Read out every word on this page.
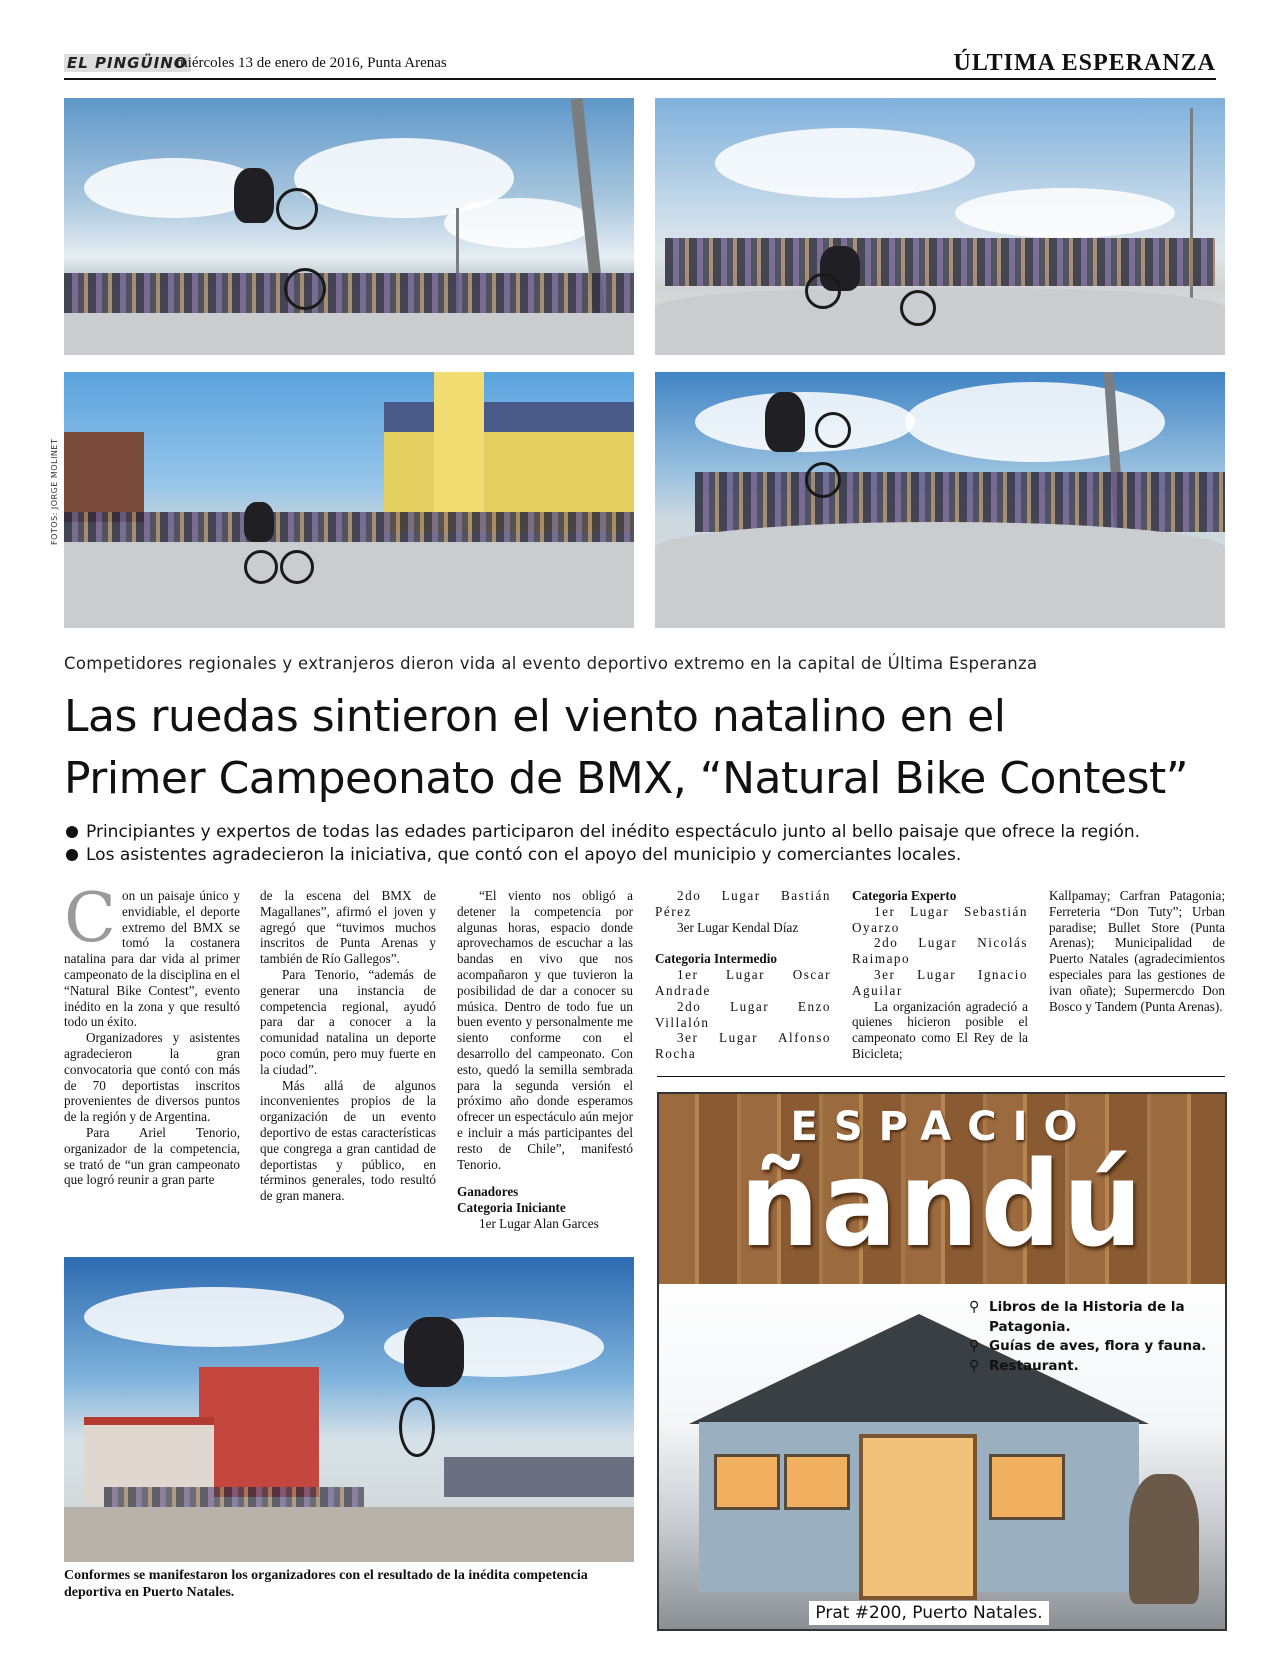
EL PINGÜINO
miércoles 13 de enero de 2016, Punta Arenas	ÚLTIMA ESPERANZA
FOTOS: JORGE MOLINET
Competidores regionales y extranjeros dieron vida al evento deportivo extremo en la capital de Última Esperanza
Las ruedas sintieron el viento natalino en el
Primer Campeonato de BMX, “Natural Bike Contest”
Principiantes y expertos de todas las edades participaron del inédito espectáculo junto al bello paisaje que ofrece la región.
Los asistentes agradecieron la iniciativa, que contó con el apoyo del municipio y comerciantes locales.

Con un paisaje único y envidiable, el deporte extremo del BMX se tomó la costanera natalina para dar vida al primer campeonato de la disciplina en el “Natural Bike Contest”, evento inédito en la zona y que resultó todo un éxito.

Organizadores y asistentes agradecieron la gran convocatoria que contó con más de 70 deportistas inscritos provenientes de diversos puntos de la región y de Argentina.

Para Ariel Tenorio, organizador de la competencia, se trató de “un gran campeonato que logró reunir a gran parte

de la escena del BMX de Magallanes”, afirmó el joven y agregó que “tuvimos muchos inscritos de Punta Arenas y también de Río Gallegos”.

Para Tenorio, “además de generar una instancia de competencia regional, ayudó para dar a conocer a la comunidad natalina un deporte poco común, pero muy fuerte en la ciudad”.

Más allá de algunos inconvenientes propios de la organización de un evento deportivo de estas características que congrega a gran cantidad de deportistas y público, en términos generales, todo resultó de gran manera.

“El viento nos obligó a detener la competencia por algunas horas, espacio donde aprovechamos de escuchar a las bandas en vivo que nos acompañaron y que tuvieron la posibilidad de dar a conocer su música. Dentro de todo fue un buen evento y personalmente me siento conforme con el desarrollo del campeonato. Con esto, quedó la semilla sembrada para la segunda versión el próximo año donde esperamos ofrecer un espectáculo aún mejor e incluir a más participantes del resto de Chile”, manifestó Tenorio.

Ganadores

Categoria Iniciante

1er Lugar Alan Garces

2do Lugar Bastián Pérez

3er Lugar Kendal Díaz

Categoria Intermedio

1er Lugar Oscar Andrade

2do Lugar Enzo Villalón

3er Lugar Alfonso Rocha

Categoria Experto

1er Lugar Sebastián Oyarzo

2do Lugar Nicolás Raimapo

3er Lugar Ignacio Aguilar

La organización agradeció a quienes hicieron posible el campeonato como El Rey de la Bicicleta;

Kallpamay; Carfran Patagonia; Ferreteria “Don Tuty”; Urban paradise; Bullet Store (Punta Arenas); Municipalidad de Puerto Natales (agradecimientos especiales para las gestiones de ivan oñate); Supermercdo Don Bosco y Tandem (Punta Arenas).

Conformes se manifestaron los organizadores con el resultado de la inédita competencia deportiva en Puerto Natales.
ESPACIO
ñandú
⚲ Libros de la Historia de la
Patagonia.
⚲ Guías de aves, flora y fauna.
⚲ Restaurant.
Prat #200, Puerto Natales.
